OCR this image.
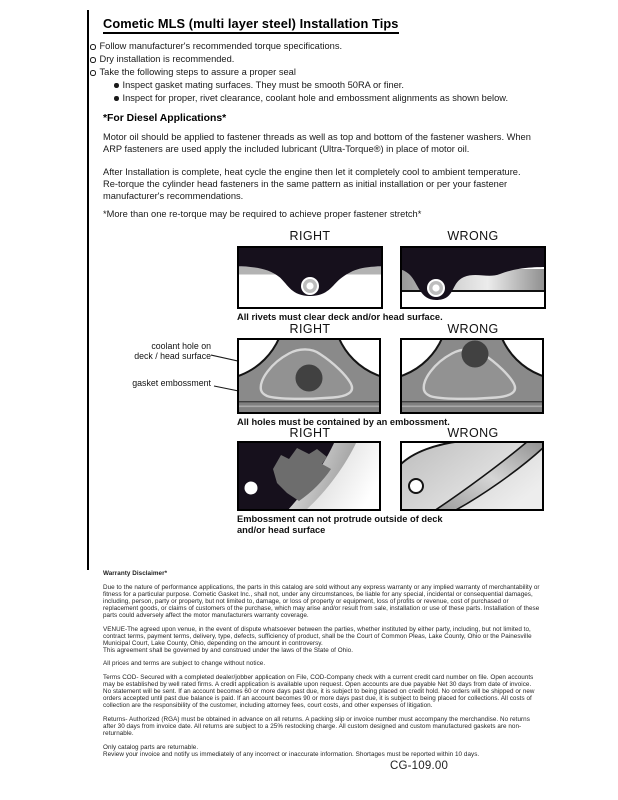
Cometic MLS (multi layer steel) Installation Tips
Follow manufacturer's recommended torque specifications.
Dry installation is recommended.
Take the following steps to assure a proper seal
Inspect gasket mating surfaces. They must be smooth 50RA or finer.
Inspect for proper, rivet clearance, coolant hole and embossment alignments as shown below.
*For Diesel Applications*
Motor oil should be applied to fastener threads as well as top and bottom of the fastener washers. When ARP fasteners are used apply the included lubricant (Ultra-Torque®) in place of motor oil.
After Installation is complete, heat cycle the engine then let it completely cool to ambient temperature. Re-torque the cylinder head fasteners in the same pattern as initial installation or per your fastener manufacturer's recommendations.
*More than one re-torque may be required to achieve proper fastener stretch*
RIGHT	WRONG
All rivets must clear deck and/or head surface.
RIGHT	WRONG
coolant hole on
deck / head surface
gasket embossment
All holes must be contained by an embossment.
RIGHT	WRONG
Embossment can not protrude outside of deck
and/or head surface

Warranty Disclaimer*

Due to the nature of performance applications, the parts in this catalog are sold without any express warranty or any implied warranty of merchantability or fitness for a particular purpose. Cometic Gasket Inc., shall not, under any circumstances, be liable for any special, incidental or consequential damages, including, person, party or property, but not limited to, damage, or loss of property or equipment, loss of profits or revenue, cost of purchased or replacement goods, or claims of customers of the purchase, which may arise and/or result from sale, installation or use of these parts. Installation of these parts could adversely affect the motor manufacturers warranty coverage.

VENUE-The agreed upon venue, in the event of dispute whatsoever between the parties, whether instituted by either party, including, but not limited to, contract terms, payment terms, delivery, type, defects, sufficiency of product, shall be the Court of Common Pleas, Lake County, Ohio or the Painesville Municipal Court, Lake County, Ohio, depending on the amount in controversy.
This agreement shall be governed by and construed under the laws of the State of Ohio.

All prices and terms are subject to change without notice.

Terms COD- Secured with a completed dealer/jobber application on File, COD-Company check with a current credit card number on file. Open accounts may be established by well rated firms. A credit application is available upon request. Open accounts are due payable Net 30 days from date of invoice. No statement will be sent. If an account becomes 60 or more days past due, it is subject to being placed on credit hold. No orders will be shipped or new orders accepted until past due balance is paid. If an account becomes 90 or more days past due, it is subject to being placed for collections. All costs of collection are the responsibility of the customer, including attorney fees, court costs, and other expenses of litigation.

Returns- Authorized (RGA) must be obtained in advance on all returns. A packing slip or invoice number must accompany the merchandise. No returns after 30 days from invoice date. All returns are subject to a 25% restocking charge. All custom designed and custom manufactured gaskets are non-returnable.

Only catalog parts are returnable.
Review your invoice and notify us immediately of any incorrect or inaccurate information. Shortages must be reported within 10 days.

CG-109.00
